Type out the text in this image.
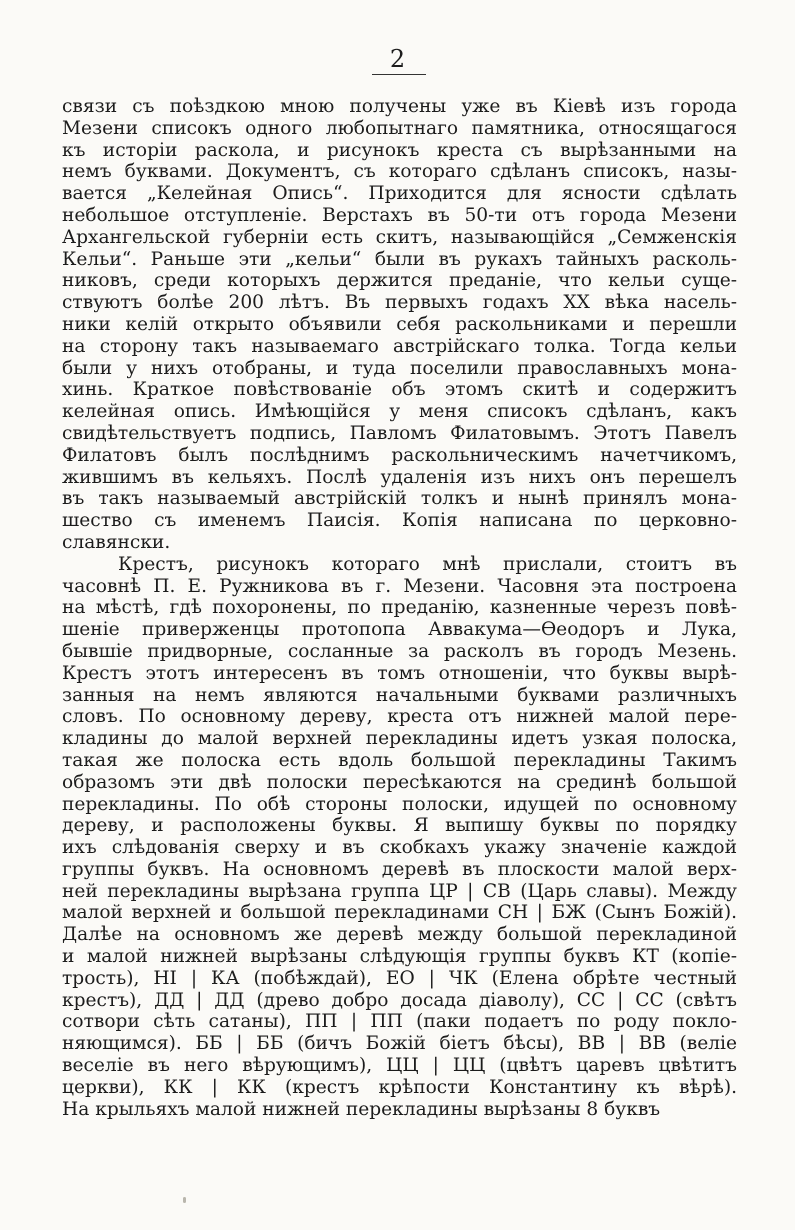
2
связи съ поѣздкою мною получены уже въ Кіевѣ изъ города
Мезени списокъ одного любопытнаго памятника, относящагося
къ исторіи раскола, и рисунокъ креста съ вырѣзанными на
немъ буквами. Документъ, съ котораго сдѣланъ списокъ, назы-
вается „Келейная Опись“. Приходится для ясности сдѣлать
небольшое отступленіе. Верстахъ въ 50-ти отъ города Мезени
Архангельской губерніи есть скитъ, называющійся „Семженскія
Кельи“. Раньше эти „кельи“ были въ рукахъ тайныхъ расколь-
никовъ, среди которыхъ держится преданіе, что кельи суще-
ствуютъ болѣе 200 лѣтъ. Въ первыхъ годахъ XX вѣка насель-
ники келій открыто объявили себя раскольниками и перешли
на сторону такъ называемаго австрійскаго толка. Тогда кельи
были у нихъ отобраны, и туда поселили православныхъ мона-
хинь. Краткое повѣствованіе объ этомъ скитѣ и содержитъ
келейная опись. Имѣющійся у меня списокъ сдѣланъ, какъ
свидѣтельствуетъ подпись, Павломъ Филатовымъ. Этотъ Павелъ
Филатовъ былъ послѣднимъ раскольническимъ начетчикомъ,
жившимъ въ кельяхъ. Послѣ удаленія изъ нихъ онъ перешелъ
въ такъ называемый австрійскій толкъ и нынѣ принялъ мона-
шество съ именемъ Паисія. Копія написана по церковно-
славянски.
Крестъ, рисунокъ котораго мнѣ прислали, стоитъ въ
часовнѣ П. Е. Ружникова въ г. Мезени. Часовня эта построена
на мѣстѣ, гдѣ похоронены, по преданію, казненные черезъ повѣ-
шеніе приверженцы протопопа Аввакума—Ѳеодоръ и Лука,
бывшіе придворные, сосланные за расколъ въ городъ Мезень.
Крестъ этотъ интересенъ въ томъ отношеніи, что буквы вырѣ-
занныя на немъ являются начальными буквами различныхъ
словъ. По основному дереву, креста отъ нижней малой пере-
кладины до малой верхней перекладины идетъ узкая полоска,
такая же полоска есть вдоль большой перекладины Такимъ
образомъ эти двѣ полоски пересѣкаются на срединѣ большой
перекладины. По обѣ стороны полоски, идущей по основному
дереву, и расположены буквы. Я выпишу буквы по порядку
ихъ слѣдованія сверху и въ скобкахъ укажу значеніе каждой
группы буквъ. На основномъ деревѣ въ плоскости малой верх-
ней перекладины вырѣзана группа ЦР | СВ (Царь славы). Между
малой верхней и большой перекладинами СН | БЖ (Сынъ Божій).
Далѣе на основномъ же деревѣ между большой перекладиной
и малой нижней вырѣзаны слѣдующія группы буквъ КТ (копіе-
трость), НІ | КА (побѣждай), ЕО | ЧК (Елена обрѣте честный
крестъ), ДД | ДД (древо добро досада діаволу), СС | СС (свѣтъ
сотвори сѣть сатаны), ПП | ПП (паки подаетъ по роду покло-
няющимся). ББ | ББ (бичъ Божій біетъ бѣсы), ВВ | ВВ (веліе
веселіе въ него вѣрующимъ), ЦЦ | ЦЦ (цвѣтъ царевъ цвѣтитъ
церкви), КК | КК (крестъ крѣпости Константину къ вѣрѣ).
На крыльяхъ малой нижней перекладины вырѣзаны 8 буквъ
